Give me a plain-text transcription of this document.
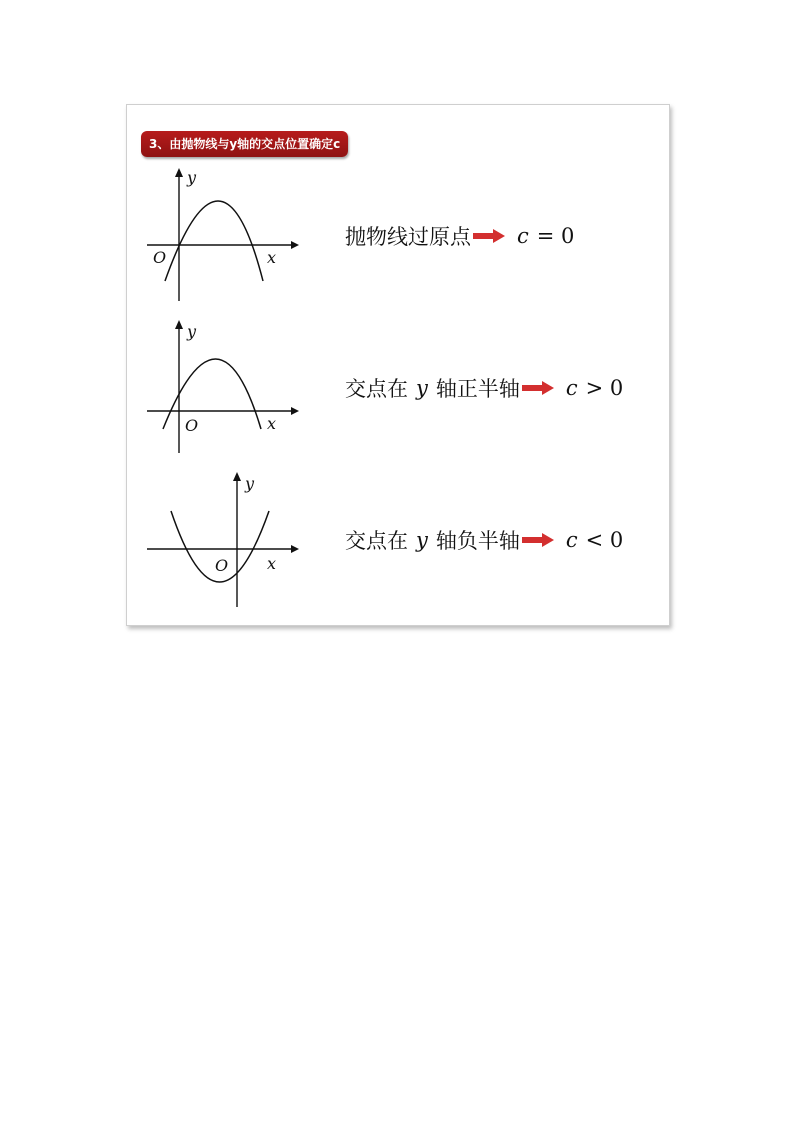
3、由抛物线与y轴的交点位置确定c
y
x
O
y
x
O
y
x
O
抛物线过原点 c = 0
交点在 y 轴正半轴 c > 0
交点在 y 轴负半轴 c < 0
